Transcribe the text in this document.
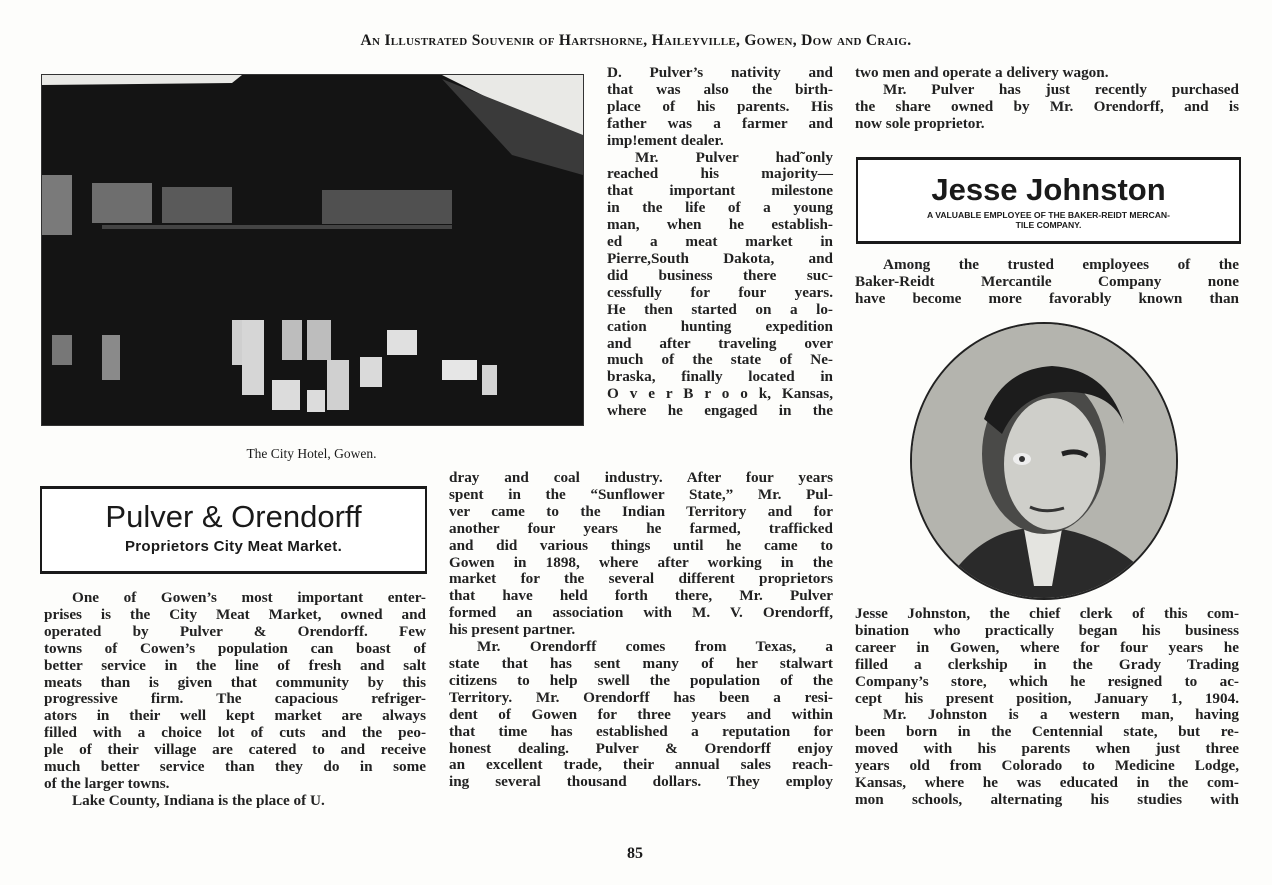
An Illustrated Souvenir of Hartshorne, Haileyville, Gowen, Dow and Craig.
The City Hotel, Gowen.
Pulver & Orendorff
Proprietors City Meat Market.
One of Gowen’s most important enter-
prises is the City Meat Market, owned and
operated by Pulver & Orendorff. Few
towns of Cowen’s population can boast of
better service in the line of fresh and salt
meats than is given that community by this
progressive firm. The capacious refriger-
ators in their well kept market are always
filled with a choice lot of cuts and the peo-
ple of their village are catered to and receive
much better service than they do in some
of the larger towns.
Lake County, Indiana is the place of U.
D. Pulver’s nativity and
that was also the birth-
place of his parents. His
father was a farmer and
imp!ement dealer.
Mr. Pulver had˜only
reached his majority—
that important milestone
in the life of a young
man, when he establish-
ed a meat market in
Pierre,South Dakota, and
did business there suc-
cessfully for four years.
He then started on a lo-
cation hunting expedition
and after traveling over
much of the state of Ne-
braska, finally located in
O v e r B r o o k, Kansas,
where he engaged in the
dray and coal industry. After four years
spent in the “Sunflower State,” Mr. Pul-
ver came to the Indian Territory and for
another four years he farmed, trafficked
and did various things until he came to
Gowen in 1898, where after working in the
market for the several different proprietors
that have held forth there, Mr. Pulver
formed an association with M. V. Orendorff,
his present partner.
Mr. Orendorff comes from Texas, a
state that has sent many of her stalwart
citizens to help swell the population of the
Territory. Mr. Orendorff has been a resi-
dent of Gowen for three years and within
that time has established a reputation for
honest dealing. Pulver & Orendorff enjoy
an excellent trade, their annual sales reach-
ing several thousand dollars. They employ
two men and operate a delivery wagon.
Mr. Pulver has just recently purchased
the share owned by Mr. Orendorff, and is
now sole proprietor.
Jesse Johnston
A VALUABLE EMPLOYEE OF THE BAKER-REIDT MERCAN-
TILE COMPANY.
Among the trusted employees of the
Baker-Reidt Mercantile Company none
have become more favorably known than
Jesse Johnston, the chief clerk of this com-
bination who practically began his business
career in Gowen, where for four years he
filled a clerkship in the Grady Trading
Company’s store, which he resigned to ac-
cept his present position, January 1, 1904.
Mr. Johnston is a western man, having
been born in the Centennial state, but re-
moved with his parents when just three
years old from Colorado to Medicine Lodge,
Kansas, where he was educated in the com-
mon schools, alternating his studies with
85
